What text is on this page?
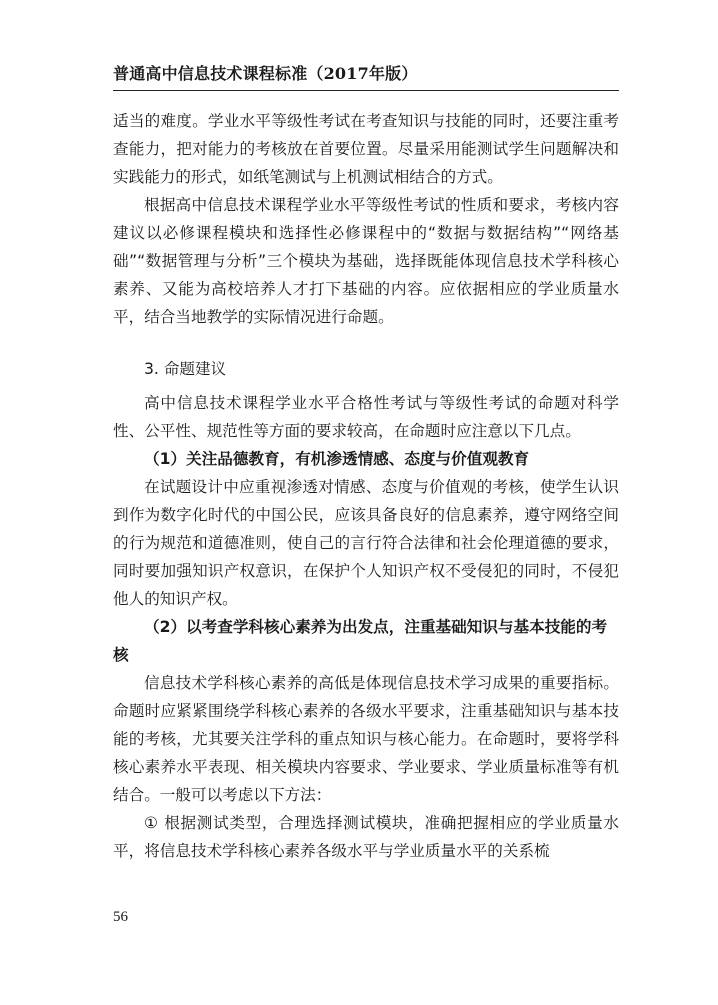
普通高中信息技术课程标准（2017年版）

适当的难度。学业水平等级性考试在考查知识与技能的同时，还要注重考查能力，把对能力的考核放在首要位置。尽量采用能测试学生问题解决和实践能力的形式，如纸笔测试与上机测试相结合的方式。

根据高中信息技术课程学业水平等级性考试的性质和要求，考核内容建议以必修课程模块和选择性必修课程中的“数据与数据结构”“网络基础”“数据管理与分析”三个模块为基础，选择既能体现信息技术学科核心素养、又能为高校培养人才打下基础的内容。应依据相应的学业质量水平，结合当地教学的实际情况进行命题。

3. 命题建议

高中信息技术课程学业水平合格性考试与等级性考试的命题对科学性、公平性、规范性等方面的要求较高，在命题时应注意以下几点。

（1）关注品德教育，有机渗透情感、态度与价值观教育

在试题设计中应重视渗透对情感、态度与价值观的考核，使学生认识到作为数字化时代的中国公民，应该具备良好的信息素养，遵守网络空间的行为规范和道德准则，使自己的言行符合法律和社会伦理道德的要求，同时要加强知识产权意识，在保护个人知识产权不受侵犯的同时，不侵犯他人的知识产权。

（2）以考查学科核心素养为出发点，注重基础知识与基本技能的考核

信息技术学科核心素养的高低是体现信息技术学习成果的重要指标。命题时应紧紧围绕学科核心素养的各级水平要求，注重基础知识与基本技能的考核，尤其要关注学科的重点知识与核心能力。在命题时，要将学科核心素养水平表现、相关模块内容要求、学业要求、学业质量标准等有机结合。一般可以考虑以下方法：

① 根据测试类型，合理选择测试模块，准确把握相应的学业质量水平，将信息技术学科核心素养各级水平与学业质量水平的关系梳

56
